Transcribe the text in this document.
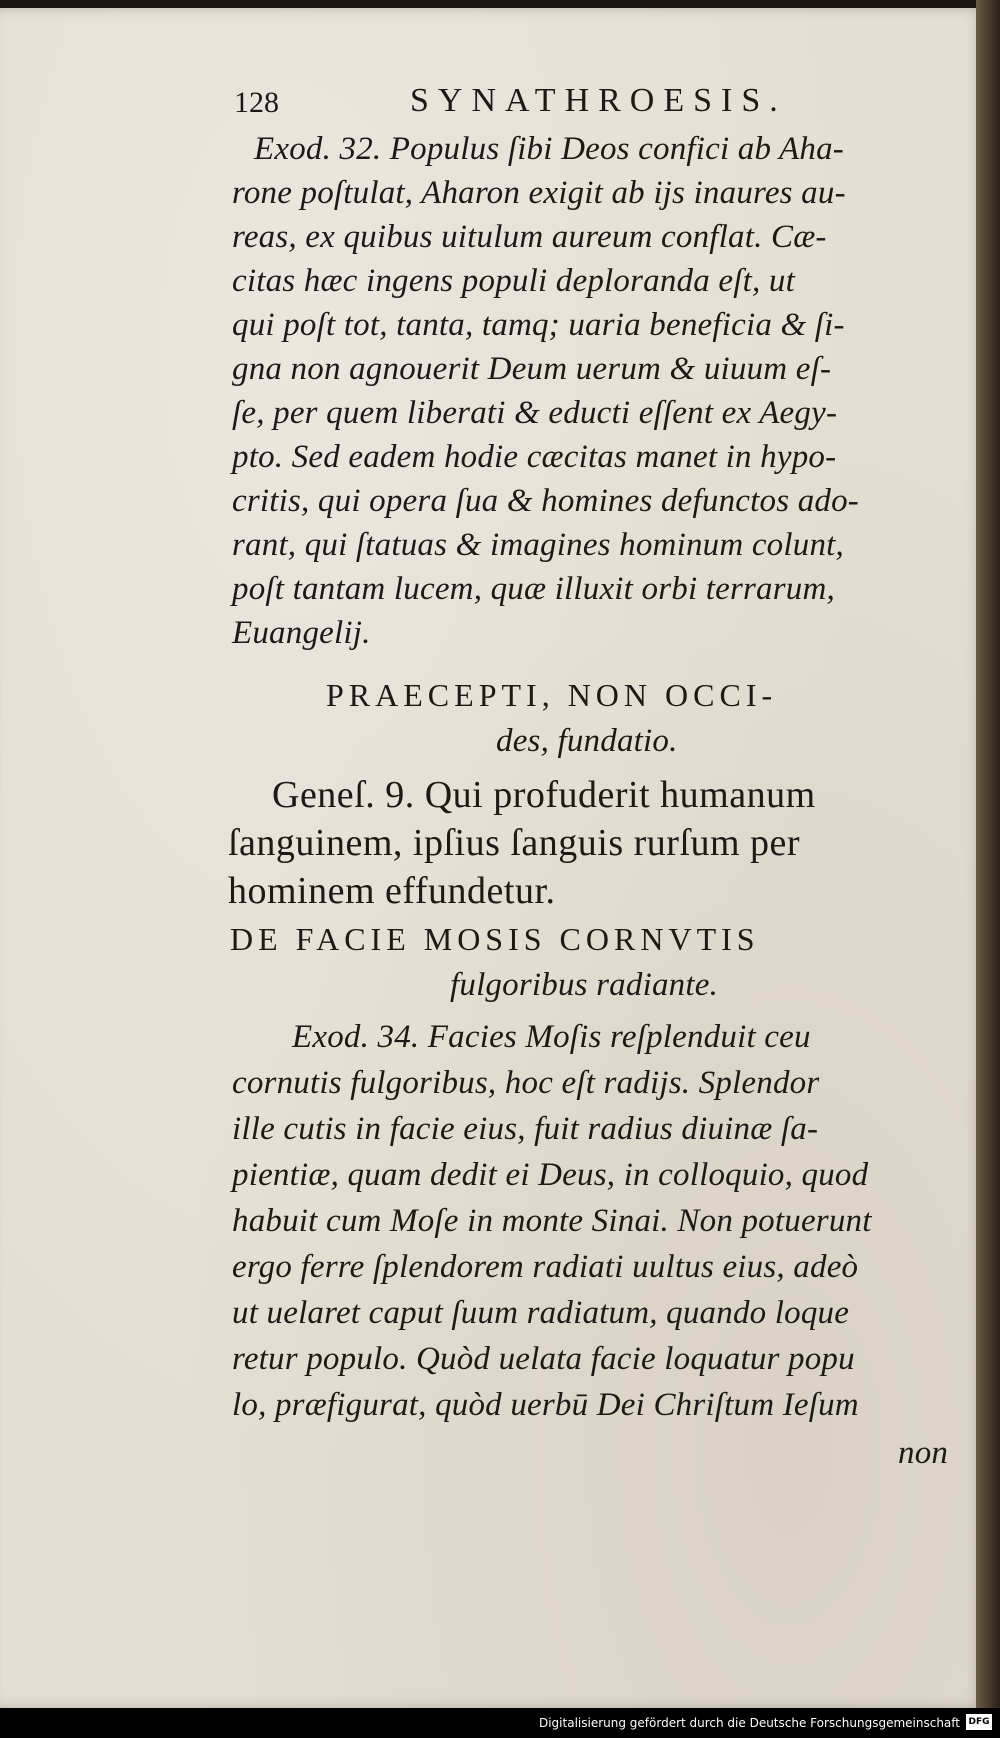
128	SYNATHROESIS.
Exod. 32. Populus ſibi Deos confici ab Aha-
rone poſtulat, Aharon exigit ab ijs inaures au-
reas, ex quibus uitulum aureum conflat. Cæ-
citas hæc ingens populi deploranda eſt, ut
qui poſt tot, tanta, tamq; uaria beneficia & ſi-
gna non agnouerit Deum uerum & uiuum eſ-
ſe, per quem liberati & educti eſſent ex Aegy-
pto. Sed eadem hodie cæcitas manet in hypo-
critis, qui opera ſua & homines defunctos ado-
rant, qui ſtatuas & imagines hominum colunt,
poſt tantam lucem, quæ illuxit orbi terrarum,
Euangelij.
PRAECEPTI, NON OCCI-
des, fundatio.
Geneſ. 9. Qui profuderit humanum
ſanguinem, ipſius ſanguis rurſum per
hominem effundetur.
DE FACIE MOSIS CORNVTIS
fulgoribus radiante.
Exod. 34. Facies Moſis reſplenduit ceu
cornutis fulgoribus, hoc eſt radijs. Splendor
ille cutis in facie eius, fuit radius diuinæ ſa-
pientiæ, quam dedit ei Deus, in colloquio, quod
habuit cum Moſe in monte Sinai. Non potuerunt
ergo ferre ſplendorem radiati uultus eius, adeò
ut uelaret caput ſuum radiatum, quando loque
retur populo. Quòd uelata facie loquatur popu
lo, præfigurat, quòd uerbū Dei Chriſtum Ieſum
non
Digitalisierung gefördert durch die Deutsche Forschungsgemeinschaft DFG
